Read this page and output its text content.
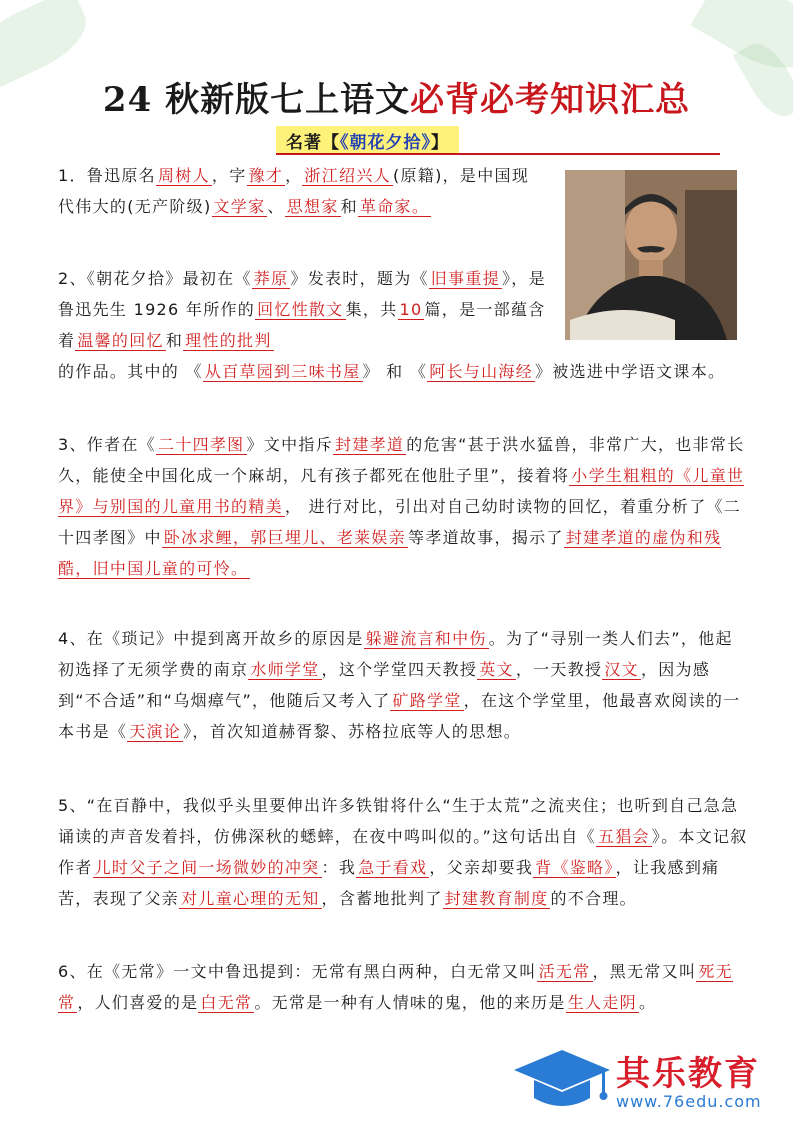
24 秋新版七上语文必背必考知识汇总
名著【《朝花夕拾》】
1．鲁迅原名 周树人 ，字 豫才 ， 浙江绍兴人 (原籍)，是中国现代伟大的(无产阶级) 文学家 、 思想家 和 革命家。
2、《朝花夕拾》最初在《 莽原 》发表时，题为《 旧事重提 》，是鲁迅先生 1926 年所作的 回忆性散文 集，共 10 篇，是一部蕴含着 温馨的回忆 和 理性的批判
的作品。其中的 《 从百草园到三味书屋 》 和 《 阿长与山海经 》被选进中学语文课本。
3、作者在《 二十四孝图 》文中指斥 封建孝道 的危害“甚于洪水猛兽，非常广大，也非常长久，能使全中国化成一个麻胡，凡有孩子都死在他肚子里”，接着将 小学生粗粗的《儿童世界》与别国的儿童用书的精美 ， 进行对比，引出对自己幼时读物的回忆，着重分析了《二十四孝图》中 卧冰求鲤，郭巨埋儿、老莱娱亲 等孝道故事，揭示了 封建孝道的虚伪和残酷，旧中国儿童的可怜。
4、在《琐记》中提到离开故乡的原因是 躲避流言和中伤 。为了“寻别一类人们去”，他起初选择了无须学费的南京 水师学堂 ，这个学堂四天教授 英文 ，一天教授 汉文 ，因为感到“不合适”和“乌烟瘴气”，他随后又考入了 矿路学堂 ，在这个学堂里，他最喜欢阅读的一本书是《 天演论 》，首次知道赫胥黎、苏格拉底等人的思想。
5、“在百静中，我似乎头里要伸出许多铁钳将什么“生于太荒”之流夹住；也听到自己急急诵读的声音发着抖，仿佛深秋的蟋蟀，在夜中鸣叫似的。”这句话出自《 五猖会 》。本文记叙作者 儿时父子之间一场微妙的冲突 ：我 急于看戏 ，父亲却要我 背《鉴略》 ，让我感到痛苦，表现了父亲 对儿童心理的无知 ，含蓄地批判了 封建教育制度 的不合理。
6、在《无常》一文中鲁迅提到：无常有黑白两种，白无常又叫 活无常 ，黑无常又叫 死无常 ，人们喜爱的是 白无常 。无常是一种有人情味的鬼，他的来历是 生人走阴 。
其乐教育
www.76edu.com
